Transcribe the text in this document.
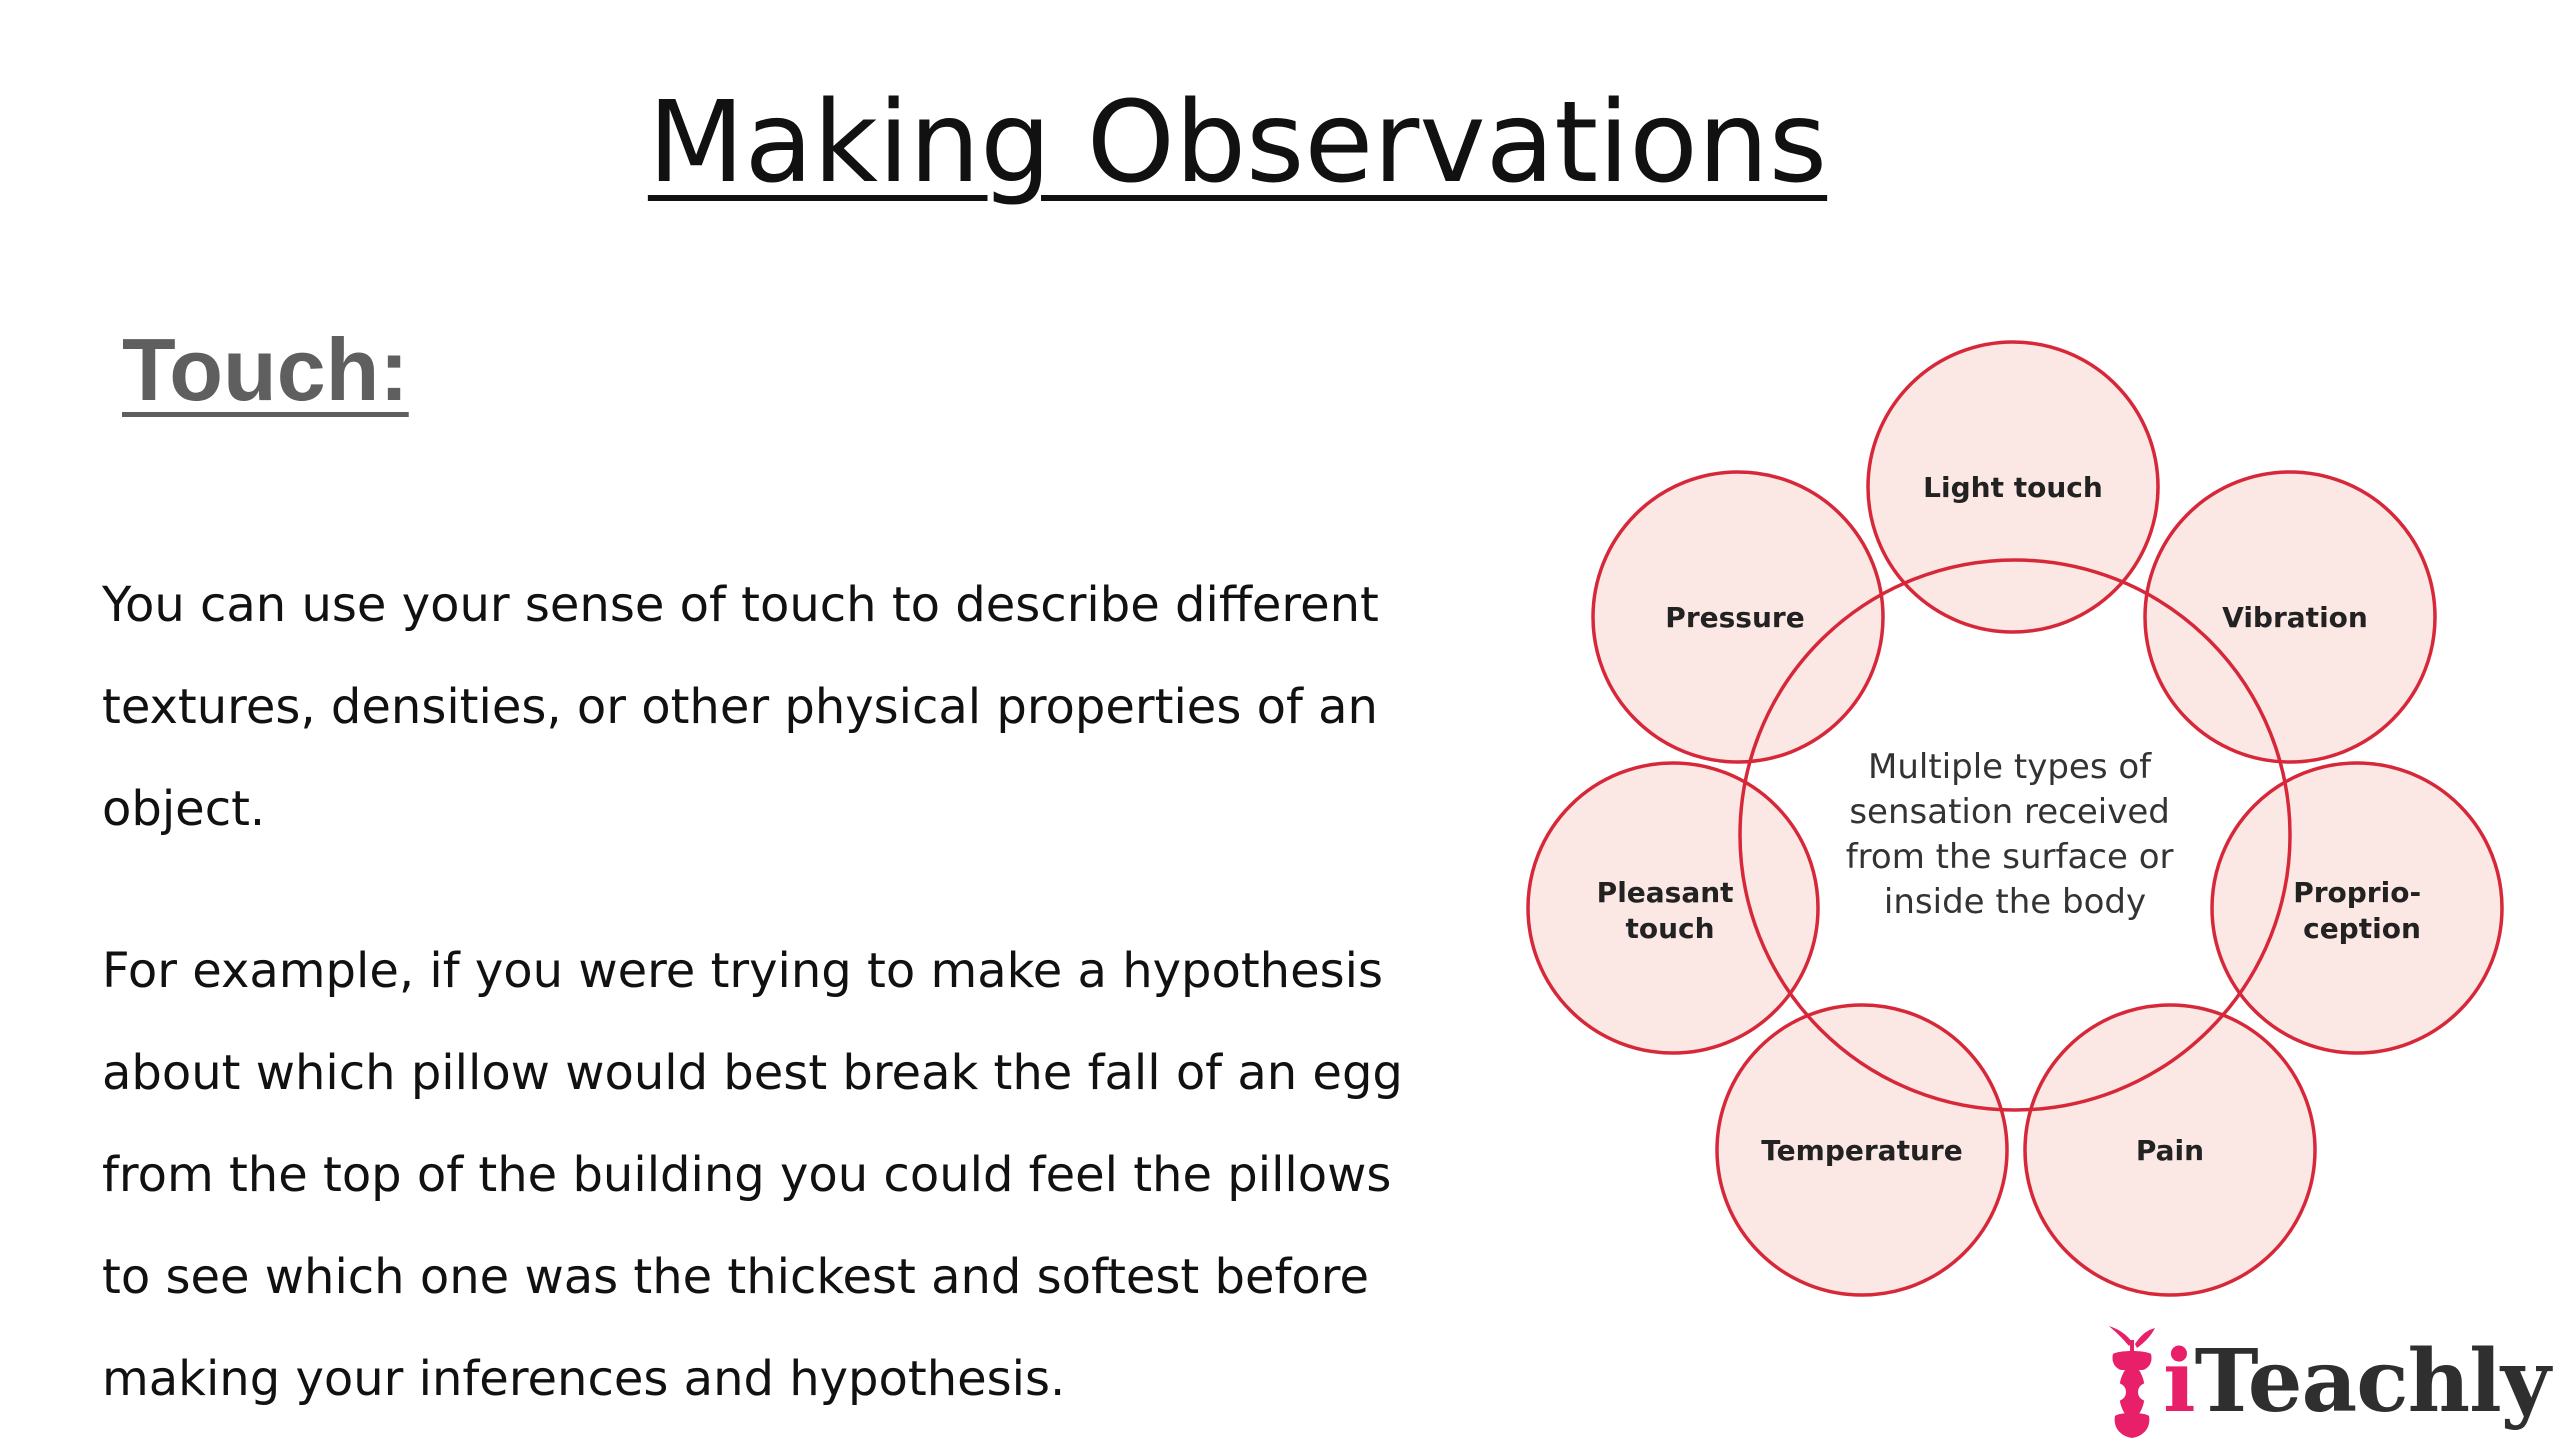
Making Observations
Touch:

You can use your sense of touch to describe different
textures, densities, or other physical properties of an
object.

For example, if you were trying to make a hypothesis
about which pillow would best break the fall of an egg
from the top of the building you could feel the pillows
to see which one was the thickest and softest before
making your inferences and hypothesis.

Light touch
Vibration
Proprio- ception
Pain
Temperature
Pleasant touch
Pressure
Multiple types of sensation received from the surface or inside the body
iTeachly
